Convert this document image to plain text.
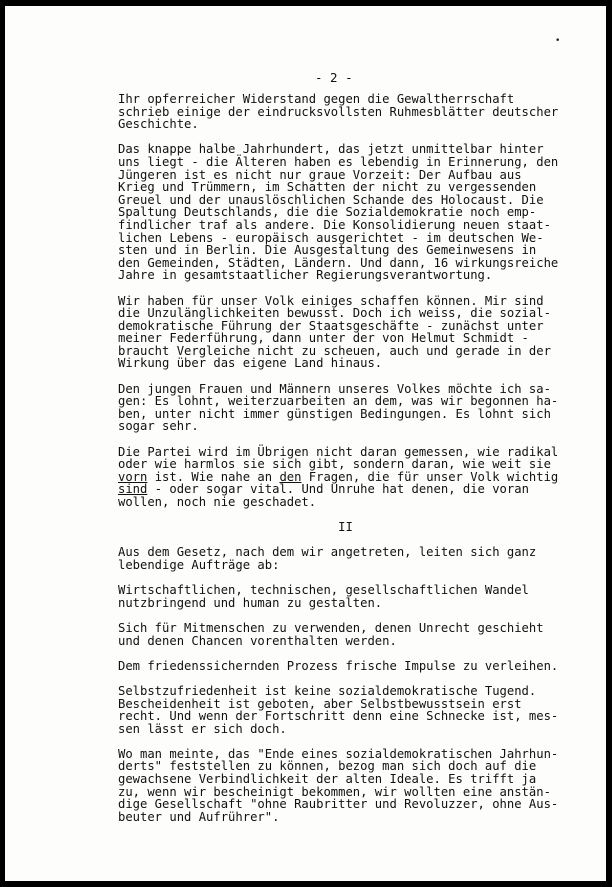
•
- 2 -
Ihr opferreicher Widerstand gegen die Gewaltherrschaft
schrieb einige der eindrucksvollsten Ruhmesblätter deutscher
Geschichte.
Das knappe halbe Jahrhundert, das jetzt unmittelbar hinter
uns liegt - die Älteren haben es lebendig in Erinnerung, den
Jüngeren ist es nicht nur graue Vorzeit: Der Aufbau aus
Krieg und Trümmern, im Schatten der nicht zu vergessenden
Greuel und der unauslöschlichen Schande des Holocaust. Die
Spaltung Deutschlands, die die Sozialdemokratie noch emp-
findlicher traf als andere. Die Konsolidierung neuen staat-
lichen Lebens - europäisch ausgerichtet - im deutschen We-
sten und in Berlin. Die Ausgestaltung des Gemeinwesens in
den Gemeinden, Städten, Ländern. Und dann, 16 wirkungsreiche
Jahre in gesamtstaatlicher Regierungsverantwortung.
Wir haben für unser Volk einiges schaffen können. Mir sind
die Unzulänglichkeiten bewusst. Doch ich weiss, die sozial-
demokratische Führung der Staatsgeschäfte - zunächst unter
meiner Federführung, dann unter der von Helmut Schmidt -
braucht Vergleiche nicht zu scheuen, auch und gerade in der
Wirkung über das eigene Land hinaus.
Den jungen Frauen und Männern unseres Volkes möchte ich sa-
gen: Es lohnt, weiterzuarbeiten an dem, was wir begonnen ha-
ben, unter nicht immer günstigen Bedingungen. Es lohnt sich
sogar sehr.
Die Partei wird im Übrigen nicht daran gemessen, wie radikal
oder wie harmlos sie sich gibt, sondern daran, wie weit sie
vorn ist. Wie nahe an den Fragen, die für unser Volk wichtig
sind - oder sogar vital. Und Unruhe hat denen, die voran
wollen, noch nie geschadet.
II
Aus dem Gesetz, nach dem wir angetreten, leiten sich ganz
lebendige Aufträge ab:
Wirtschaftlichen, technischen, gesellschaftlichen Wandel
nutzbringend und human zu gestalten.
Sich für Mitmenschen zu verwenden, denen Unrecht geschieht
und denen Chancen vorenthalten werden.
Dem friedenssichernden Prozess frische Impulse zu verleihen.
Selbstzufriedenheit ist keine sozialdemokratische Tugend.
Bescheidenheit ist geboten, aber Selbstbewusstsein erst
recht. Und wenn der Fortschritt denn eine Schnecke ist, mes-
sen lässt er sich doch.
Wo man meinte, das "Ende eines sozialdemokratischen Jahrhun-
derts" feststellen zu können, bezog man sich doch auf die
gewachsene Verbindlichkeit der alten Ideale. Es trifft ja
zu, wenn wir bescheinigt bekommen, wir wollten eine anstän-
dige Gesellschaft "ohne Raubritter und Revoluzzer, ohne Aus-
beuter und Aufrührer".
